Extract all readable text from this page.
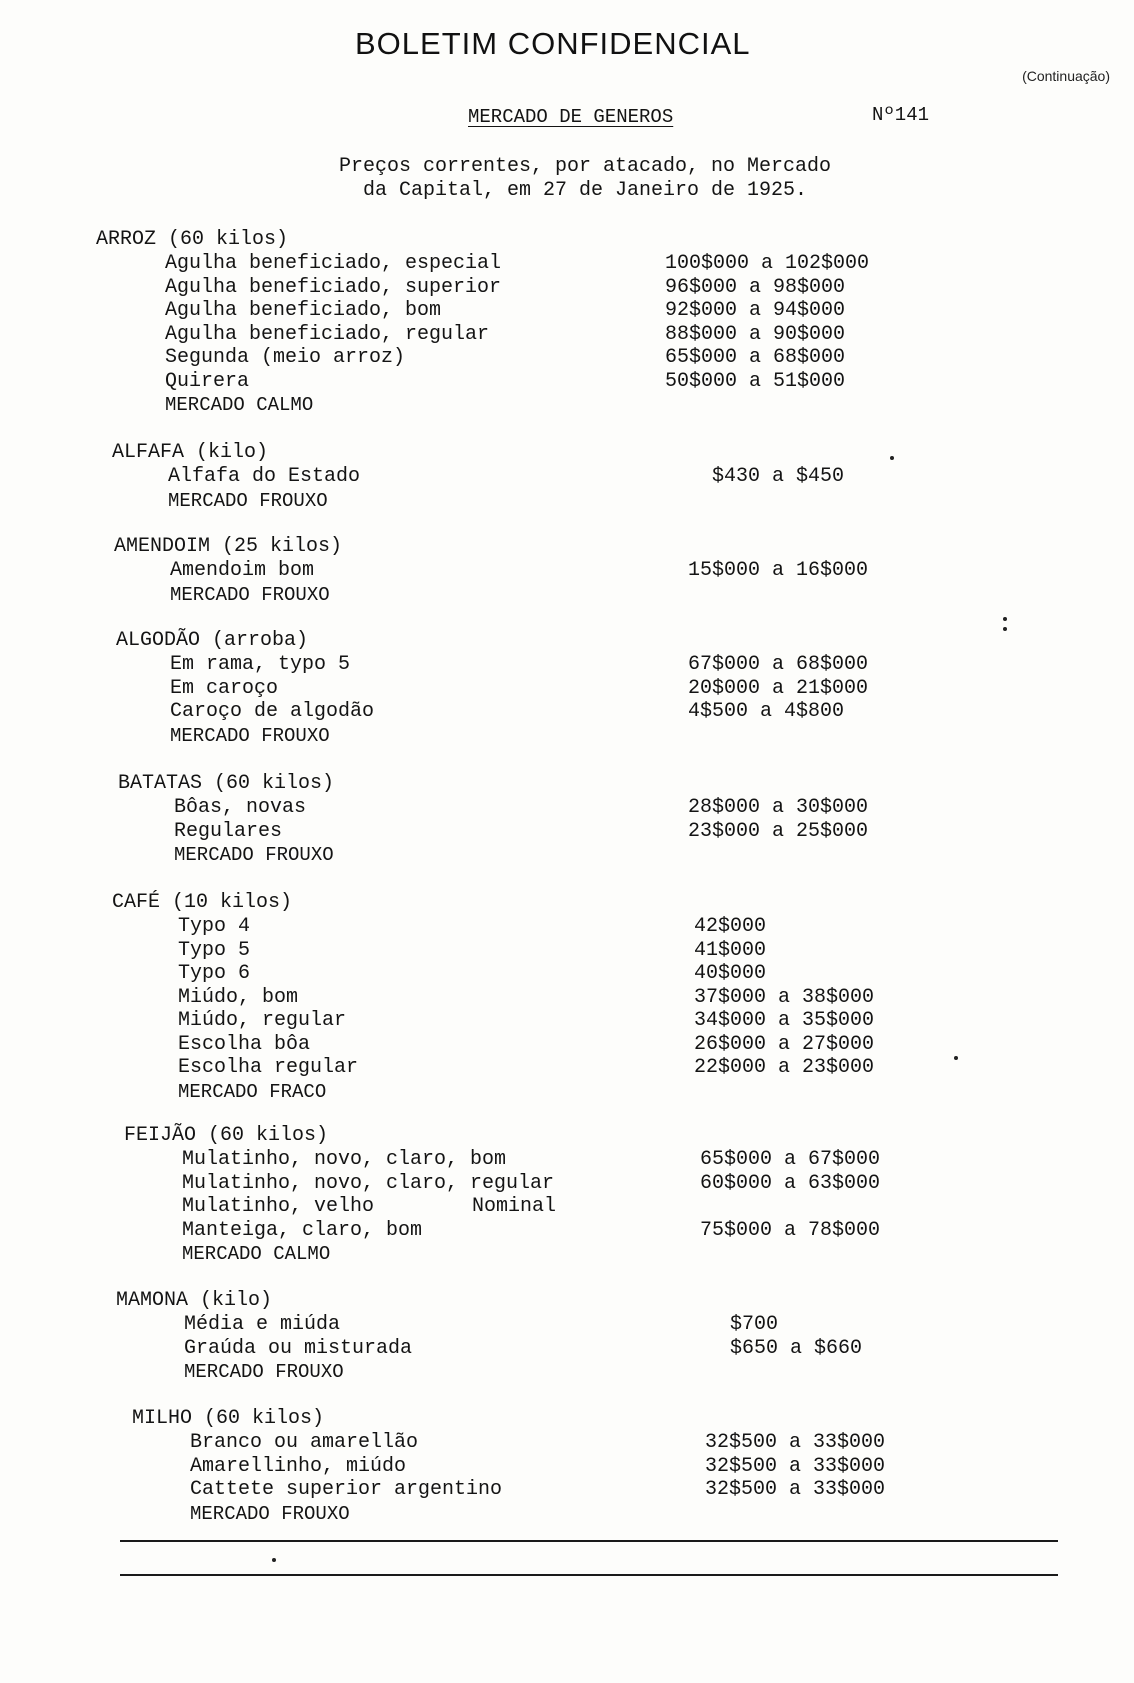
BOLETIM CONFIDENCIAL
(Continuação)
MERCADO DE GENEROS	Nº141
Preços correntes, por atacado, no Mercado
da Capital, em 27 de Janeiro de 1925.
ARROZ (60 kilos)
Agulha beneficiado, especial	100$000 a 102$000
Agulha beneficiado, superior	96$000 a 98$000
Agulha beneficiado, bom	92$000 a 94$000
Agulha beneficiado, regular	88$000 a 90$000
Segunda (meio arroz)	65$000 a 68$000
Quirera	50$000 a 51$000
MERCADO CALMO
ALFAFA (kilo)
Alfafa do Estado	$430 a $450
MERCADO FROUXO
AMENDOIM (25 kilos)
Amendoim bom	15$000 a 16$000
MERCADO FROUXO
ALGODÃO (arroba)
Em rama, typo 5	67$000 a 68$000
Em caroço	20$000 a 21$000
Caroço de algodão	4$500 a 4$800
MERCADO FROUXO
BATATAS (60 kilos)
Bôas, novas	28$000 a 30$000
Regulares	23$000 a 25$000
MERCADO FROUXO
CAFÉ (10 kilos)
Typo 4	42$000
Typo 5	41$000
Typo 6	40$000
Miúdo, bom	37$000 a 38$000
Miúdo, regular	34$000 a 35$000
Escolha bôa	26$000 a 27$000
Escolha regular	22$000 a 23$000
MERCADO FRACO
FEIJÃO (60 kilos)
Mulatinho, novo, claro, bom	65$000 a 67$000
Mulatinho, novo, claro, regular	60$000 a 63$000
Mulatinho, velho	Nominal
Manteiga, claro, bom	75$000 a 78$000
MERCADO CALMO
MAMONA (kilo)
Média e miúda	$700
Graúda ou misturada	$650 a $660
MERCADO FROUXO
MILHO (60 kilos)
Branco ou amarellão	32$500 a 33$000
Amarellinho, miúdo	32$500 a 33$000
Cattete superior argentino	32$500 a 33$000
MERCADO FROUXO
